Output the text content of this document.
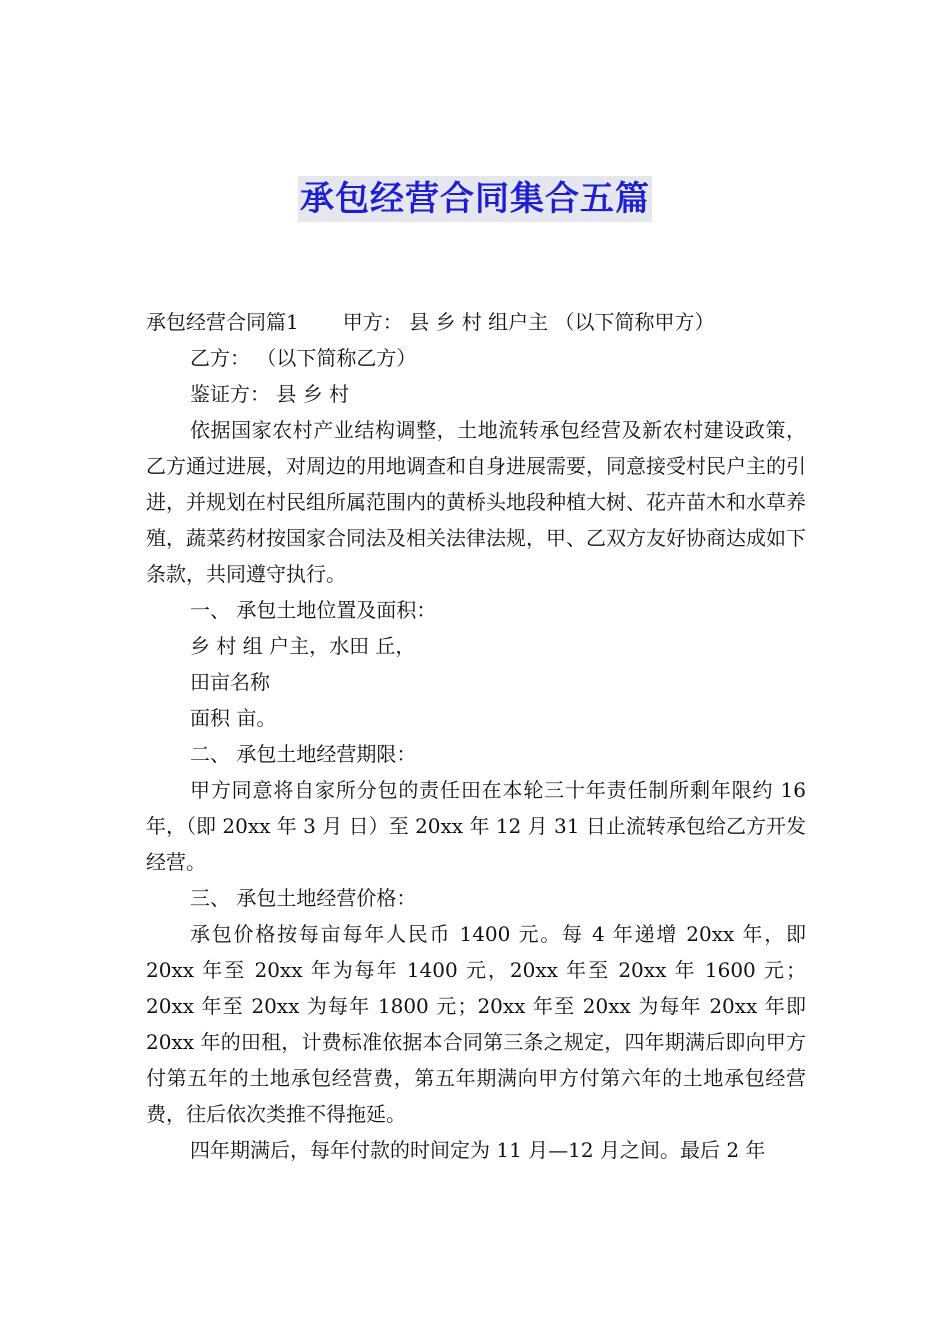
承包经营合同集合五篇

承包经营合同篇1 甲方： 县 乡 村 组户主 （以下简称甲方）

乙方： （以下简称乙方）

鉴证方： 县 乡 村

依据国家农村产业结构调整，土地流转承包经营及新农村建设政策，乙方通过进展，对周边的用地调查和自身进展需要，同意接受村民户主的引进，并规划在村民组所属范围内的黄桥头地段种植大树、花卉苗木和水草养殖，蔬菜药材按国家合同法及相关法律法规，甲、乙双方友好协商达成如下条款，共同遵守执行。

一、 承包土地位置及面积：

乡 村 组 户主，水田 丘，

田亩名称

面积 亩。

二、 承包土地经营期限：

甲方同意将自家所分包的责任田在本轮三十年责任制所剩年限约 16 年，（即 20xx 年 3 月 日）至 20xx 年 12 月 31 日止流转承包给乙方开发经营。

三、 承包土地经营价格：

承包价格按每亩每年人民币 1400 元。每 4 年递增 20xx 年，即 20xx 年至 20xx 年为每年 1400 元，20xx 年至 20xx 年 1600 元；20xx 年至 20xx 为每年 1800 元；20xx 年至 20xx 为每年 20xx 年即 20xx 年的田租，计费标准依据本合同第三条之规定，四年期满后即向甲方付第五年的土地承包经营费，第五年期满向甲方付第六年的土地承包经营费，往后依次类推不得拖延。

四年期满后，每年付款的时间定为 11 月—12 月之间。最后 2 年
